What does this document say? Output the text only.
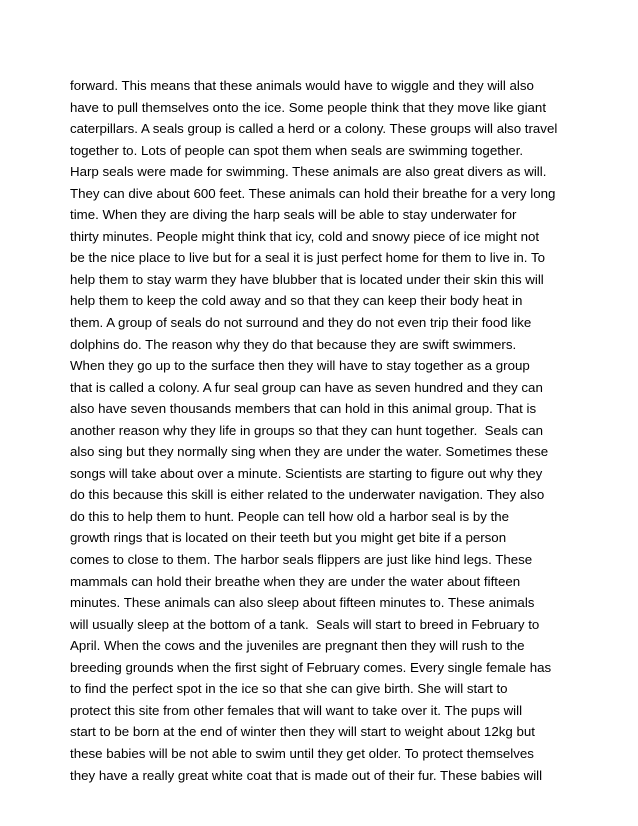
forward. This means that these animals would have to wiggle and they will also
have to pull themselves onto the ice. Some people think that they move like giant
caterpillars. A seals group is called a herd or a colony. These groups will also travel
together to. Lots of people can spot them when seals are swimming together.
Harp seals were made for swimming. These animals are also great divers as will.
They can dive about 600 feet. These animals can hold their breathe for a very long
time. When they are diving the harp seals will be able to stay underwater for
thirty minutes. People might think that icy, cold and snowy piece of ice might not
be the nice place to live but for a seal it is just perfect home for them to live in. To
help them to stay warm they have blubber that is located under their skin this will
help them to keep the cold away and so that they can keep their body heat in
them. A group of seals do not surround and they do not even trip their food like
dolphins do. The reason why they do that because they are swift swimmers.
When they go up to the surface then they will have to stay together as a group
that is called a colony. A fur seal group can have as seven hundred and they can
also have seven thousands members that can hold in this animal group. That is
another reason why they life in groups so that they can hunt together.  Seals can
also sing but they normally sing when they are under the water. Sometimes these
songs will take about over a minute. Scientists are starting to figure out why they
do this because this skill is either related to the underwater navigation. They also
do this to help them to hunt. People can tell how old a harbor seal is by the
growth rings that is located on their teeth but you might get bite if a person
comes to close to them. The harbor seals flippers are just like hind legs. These
mammals can hold their breathe when they are under the water about fifteen
minutes. These animals can also sleep about fifteen minutes to. These animals
will usually sleep at the bottom of a tank.  Seals will start to breed in February to
April. When the cows and the juveniles are pregnant then they will rush to the
breeding grounds when the first sight of February comes. Every single female has
to find the perfect spot in the ice so that she can give birth. She will start to
protect this site from other females that will want to take over it. The pups will
start to be born at the end of winter then they will start to weight about 12kg but
these babies will be not able to swim until they get older. To protect themselves
they have a really great white coat that is made out of their fur. These babies will
